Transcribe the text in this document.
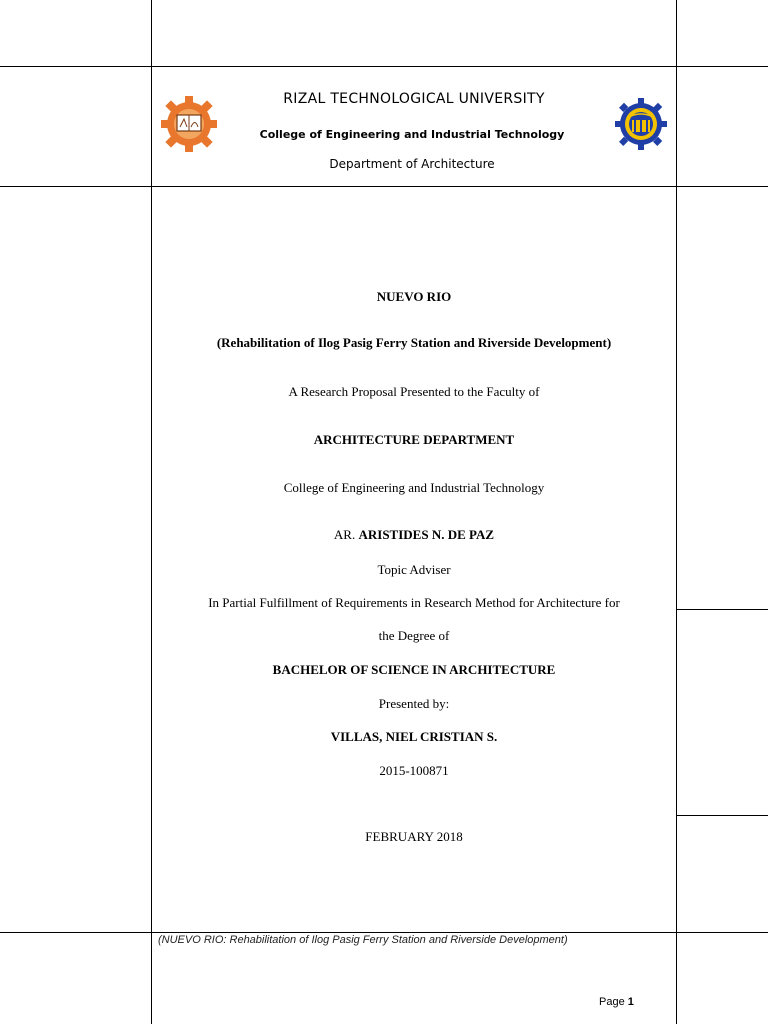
RIZAL TECHNOLOGICAL UNIVERSITY
College of Engineering and Industrial Technology
Department of Architecture
NUEVO RIO
(Rehabilitation of Ilog Pasig Ferry Station and Riverside Development)
A Research Proposal Presented to the Faculty of
ARCHITECTURE DEPARTMENT
College of Engineering and Industrial Technology
AR. ARISTIDES N. DE PAZ
Topic Adviser
In Partial Fulfillment of Requirements in Research Method for Architecture for
the Degree of
BACHELOR OF SCIENCE IN ARCHITECTURE
Presented by:
VILLAS, NIEL CRISTIAN S.
2015-100871
FEBRUARY 2018
(NUEVO RIO: Rehabilitation of Ilog Pasig Ferry Station and Riverside Development)
Page 1
